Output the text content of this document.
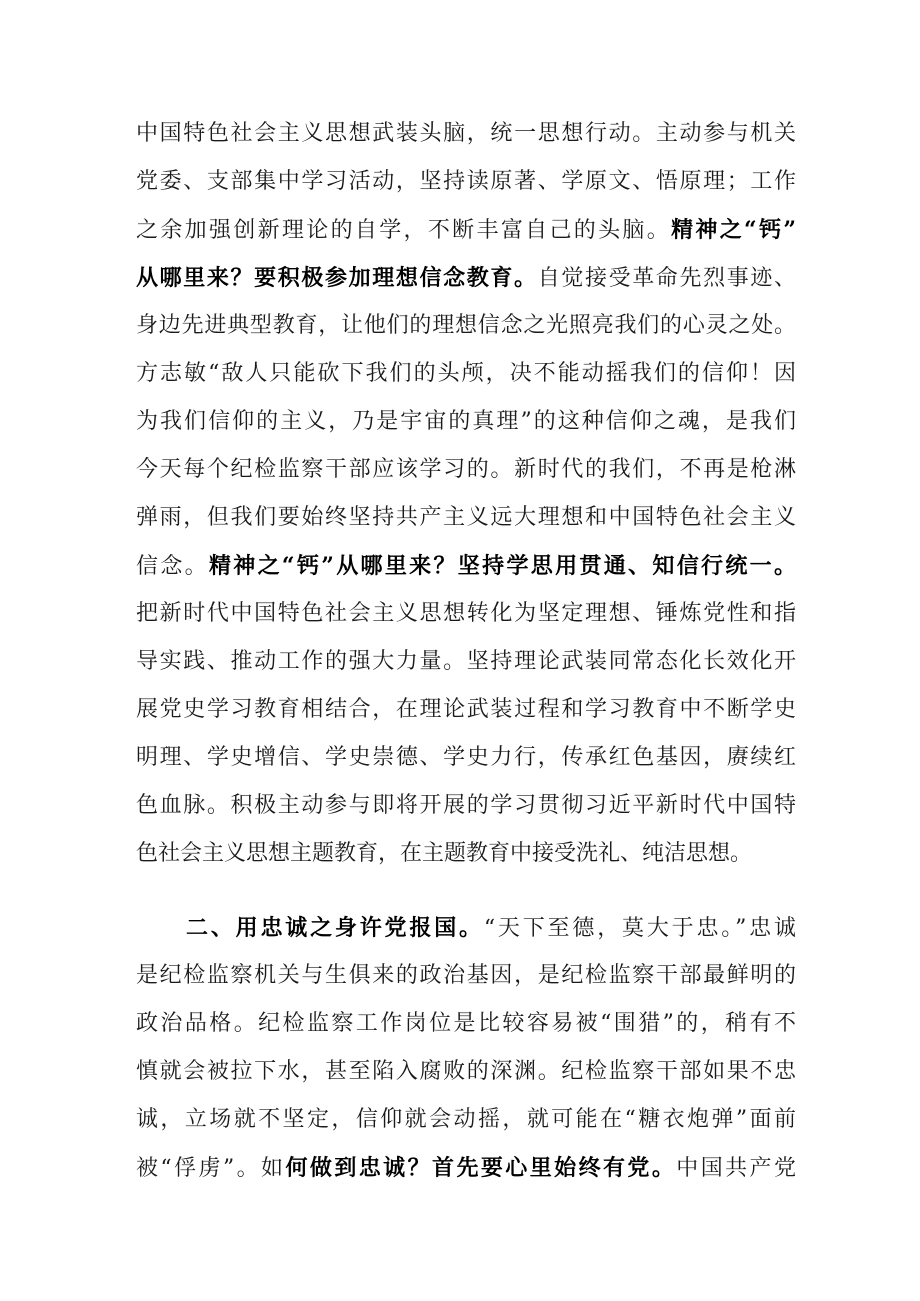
中国特色社会主义思想武装头脑，统一思想行动。主动参与机关
党委、支部集中学习活动，坚持读原著、学原文、悟原理；工作
之余加强创新理论的自学，不断丰富自己的头脑。精神之“钙”
从哪里来？要积极参加理想信念教育。自觉接受革命先烈事迹、
身边先进典型教育，让他们的理想信念之光照亮我们的心灵之处。
方志敏“敌人只能砍下我们的头颅，决不能动摇我们的信仰！因
为我们信仰的主义，乃是宇宙的真理”的这种信仰之魂，是我们
今天每个纪检监察干部应该学习的。新时代的我们，不再是枪淋
弹雨，但我们要始终坚持共产主义远大理想和中国特色社会主义
信念。精神之“钙”从哪里来？坚持学思用贯通、知信行统一。
把新时代中国特色社会主义思想转化为坚定理想、锤炼党性和指
导实践、推动工作的强大力量。坚持理论武装同常态化长效化开
展党史学习教育相结合，在理论武装过程和学习教育中不断学史
明理、学史增信、学史崇德、学史力行，传承红色基因，赓续红
色血脉。积极主动参与即将开展的学习贯彻习近平新时代中国特
色社会主义思想主题教育，在主题教育中接受洗礼、纯洁思想。
二、用忠诚之身许党报国。“天下至德，莫大于忠。”忠诚
是纪检监察机关与生俱来的政治基因，是纪检监察干部最鲜明的
政治品格。纪检监察工作岗位是比较容易被“围猎”的，稍有不
慎就会被拉下水，甚至陷入腐败的深渊。纪检监察干部如果不忠
诚，立场就不坚定，信仰就会动摇，就可能在“糖衣炮弹”面前
被“俘虏”。如何做到忠诚？首先要心里始终有党。中国共产党
